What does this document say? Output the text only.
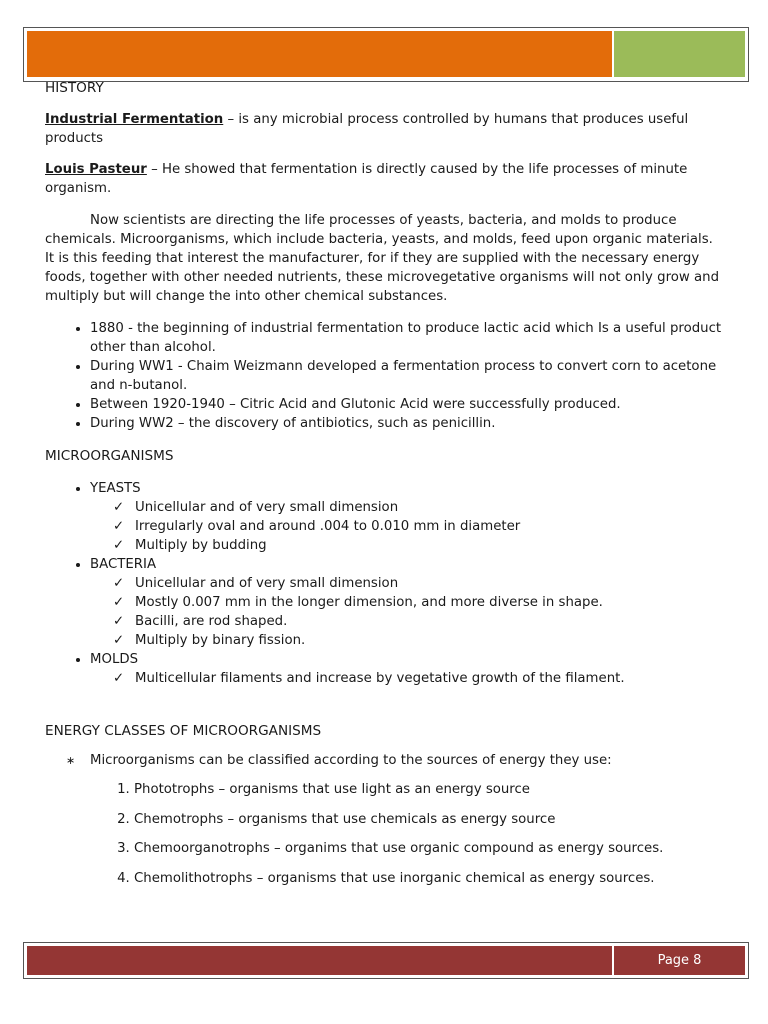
HISTORY

Industrial Fermentation – is any microbial process controlled by humans that produces useful products

Louis Pasteur – He showed that fermentation is directly caused by the life processes of minute organism.

Now scientists are directing the life processes of yeasts, bacteria, and molds to produce chemicals. Microorganisms, which include bacteria, yeasts, and molds, feed upon organic materials. It is this feeding that interest the manufacturer, for if they are supplied with the necessary energy foods, together with other needed nutrients, these microvegetative organisms will not only grow and multiply but will change the into other chemical substances.

• 1880 - the beginning of industrial fermentation to produce lactic acid which Is a useful product other than alcohol.
• During WW1 - Chaim Weizmann developed a fermentation process to convert corn to acetone and n-butanol.
• Between 1920-1940 – Citric Acid and Glutonic Acid were successfully produced.
• During WW2 – the discovery of antibiotics, such as penicillin.

MICROORGANISMS

• YEASTS
✓ Unicellular and of very small dimension
✓ Irregularly oval and around .004 to 0.010 mm in diameter
✓ Multiply by budding
• BACTERIA
✓ Unicellular and of very small dimension
✓ Mostly 0.007 mm in the longer dimension, and more diverse in shape.
✓ Bacilli, are rod shaped.
✓ Multiply by binary fission.
• MOLDS
✓ Multicellular filaments and increase by vegetative growth of the filament.

ENERGY CLASSES OF MICROORGANISMS

∗ Microorganisms can be classified according to the sources of energy they use:
1. Phototrophs – organisms that use light as an energy source
2. Chemotrophs – organisms that use chemicals as energy source
3. Chemoorganotrophs – organims that use organic compound as energy sources.
4. Chemolithotrophs – organisms that use inorganic chemical as energy sources.
Page 8
